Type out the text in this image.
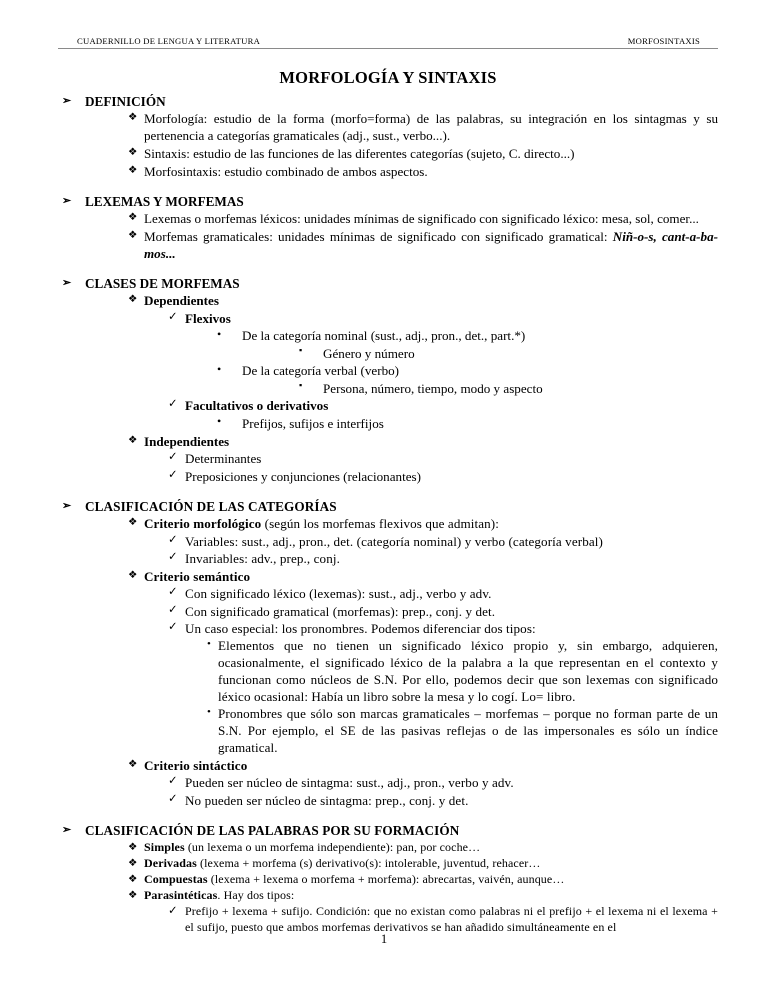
CUADERNILLO DE LENGUA Y LITERATURA	MORFOSINTAXIS
MORFOLOGÍA Y SINTAXIS
➢ DEFINICIÓN
❖ Morfología: estudio de la forma (morfo=forma) de las palabras, su integración en los sintagmas y su pertenencia a categorías gramaticales (adj., sust., verbo...).
❖ Sintaxis: estudio de las funciones de las diferentes categorías (sujeto, C. directo...)
❖ Morfosintaxis: estudio combinado de ambos aspectos.
➢ LEXEMAS Y MORFEMAS
❖ Lexemas o morfemas léxicos: unidades mínimas de significado con significado léxico: mesa, sol, comer...
❖ Morfemas gramaticales: unidades mínimas de significado con significado gramatical: Niñ-o-s, cant-a-ba-mos...
➢ CLASES DE MORFEMAS
❖ Dependientes
✓ Flexivos
•	De la categoría nominal (sust., adj., pron., det., part.*)
▪	Género y número
•	De la categoría verbal (verbo)
▪	Persona, número, tiempo, modo y aspecto
✓ Facultativos o derivativos
•	Prefijos, sufijos e interfijos
❖ Independientes
✓ Determinantes
✓ Preposiciones y conjunciones (relacionantes)
➢ CLASIFICACIÓN DE LAS CATEGORÍAS
❖ Criterio morfológico (según los morfemas flexivos que admitan):
✓ Variables: sust., adj., pron., det. (categoría nominal) y verbo (categoría verbal)
✓ Invariables: adv., prep., conj.
❖ Criterio semántico
✓ Con significado léxico (lexemas): sust., adj., verbo y adv.
✓ Con significado gramatical (morfemas): prep., conj. y det.
✓ Un caso especial: los pronombres. Podemos diferenciar dos tipos:
• Elementos que no tienen un significado léxico propio y, sin embargo, adquieren, ocasionalmente, el significado léxico de la palabra a la que representan en el contexto y funcionan como núcleos de S.N. Por ello, podemos decir que son lexemas con significado léxico ocasional: Había un libro sobre la mesa y lo cogí. Lo= libro.
• Pronombres que sólo son marcas gramaticales – morfemas – porque no forman parte de un S.N. Por ejemplo, el SE de las pasivas reflejas o de las impersonales es sólo un índice gramatical.
❖ Criterio sintáctico
✓ Pueden ser núcleo de sintagma: sust., adj., pron., verbo y adv.
✓ No pueden ser núcleo de sintagma: prep., conj. y det.
➢ CLASIFICACIÓN DE LAS PALABRAS POR SU FORMACIÓN
❖ Simples (un lexema o un morfema independiente): pan, por coche…
❖ Derivadas (lexema + morfema (s) derivativo(s): intolerable, juventud, rehacer…
❖ Compuestas (lexema + lexema o morfema + morfema): abrecartas, vaivén, aunque…
❖ Parasintéticas. Hay dos tipos:
✓ Prefijo + lexema + sufijo. Condición: que no existan como palabras ni el prefijo + el lexema ni el lexema + el sufijo, puesto que ambos morfemas derivativos se han añadido simultáneamente en el
1
